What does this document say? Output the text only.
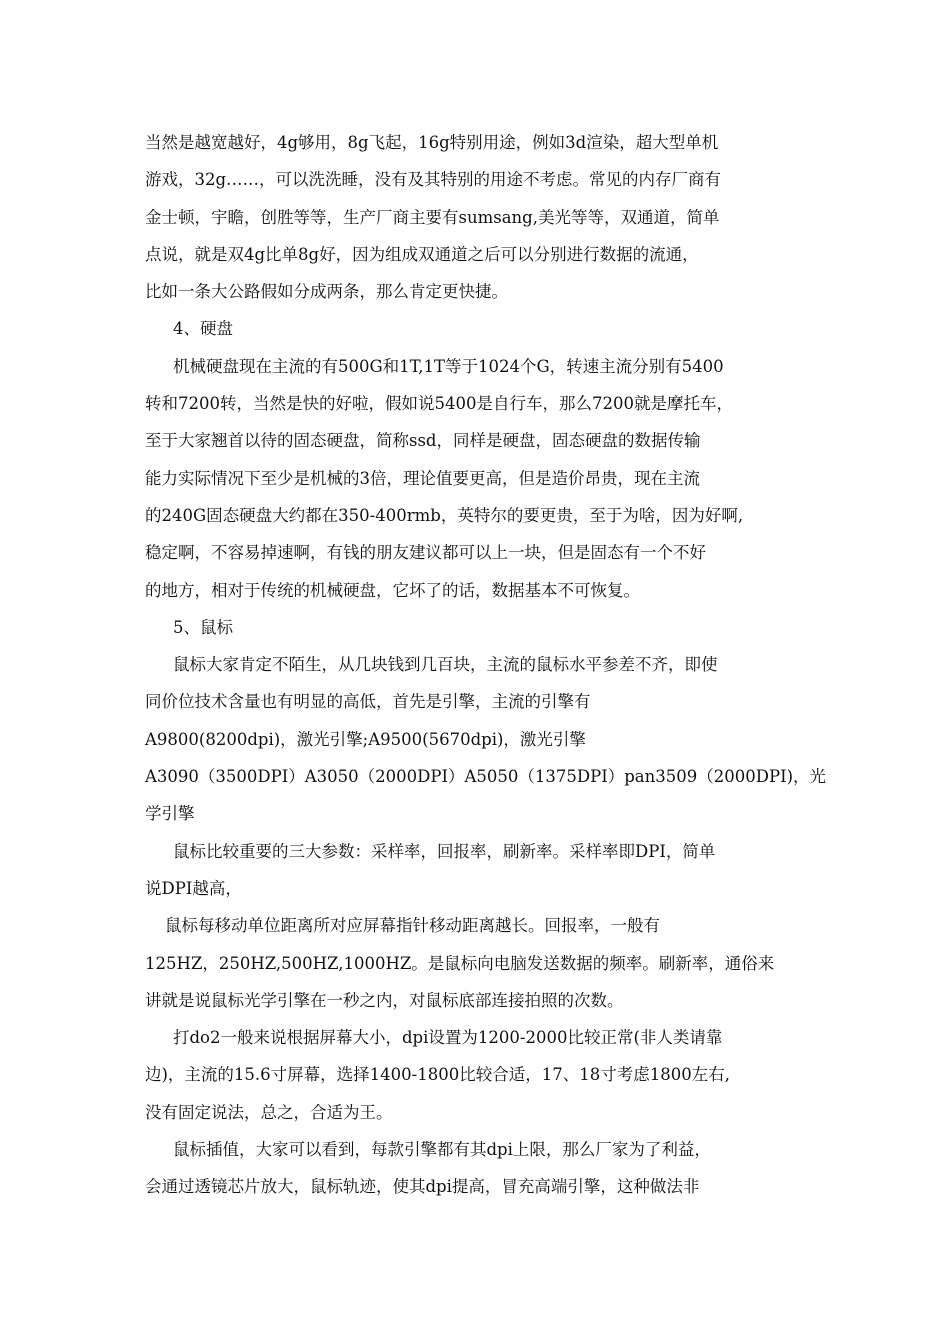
当然是越宽越好，4g够用，8g飞起，16g特别用途，例如3d渲染，超大型单机
游戏，32g……，可以洗洗睡，没有及其特别的用途不考虑。常见的内存厂商有
金士顿，宇瞻，创胜等等，生产厂商主要有sumsang,美光等等，双通道，简单
点说，就是双4g比单8g好，因为组成双通道之后可以分别进行数据的流通，
比如一条大公路假如分成两条，那么肯定更快捷。
4、硬盘
机械硬盘现在主流的有500G和1T,1T等于1024个G，转速主流分别有5400
转和7200转，当然是快的好啦，假如说5400是自行车，那么7200就是摩托车，
至于大家翘首以待的固态硬盘，简称ssd，同样是硬盘，固态硬盘的数据传输
能力实际情况下至少是机械的3倍，理论值要更高，但是造价昂贵，现在主流
的240G固态硬盘大约都在350-400rmb，英特尔的要更贵，至于为啥，因为好啊,
稳定啊，不容易掉速啊，有钱的朋友建议都可以上一块，但是固态有一个不好
的地方，相对于传统的机械硬盘，它坏了的话，数据基本不可恢复。
5、鼠标
鼠标大家肯定不陌生，从几块钱到几百块，主流的鼠标水平参差不齐，即使
同价位技术含量也有明显的高低，首先是引擎，主流的引擎有
A9800(8200dpi)，激光引擎;A9500(5670dpi)，激光引擎
A3090（3500DPI）A3050（2000DPI）A5050（1375DPI）pan3509（2000DPI)，光
学引擎
鼠标比较重要的三大参数：采样率，回报率，刷新率。采样率即DPI，简单
说DPI越高，
鼠标每移动单位距离所对应屏幕指针移动距离越长。回报率，一般有
125HZ，250HZ,500HZ,1000HZ。是鼠标向电脑发送数据的频率。刷新率，通俗来
讲就是说鼠标光学引擎在一秒之内，对鼠标底部连接拍照的次数。
打do2一般来说根据屏幕大小，dpi设置为1200-2000比较正常(非人类请靠
边)，主流的15.6寸屏幕，选择1400-1800比较合适，17、18寸考虑1800左右,
没有固定说法，总之，合适为王。
鼠标插值，大家可以看到，每款引擎都有其dpi上限，那么厂家为了利益，
会通过透镜芯片放大，鼠标轨迹，使其dpi提高，冒充高端引擎，这种做法非
